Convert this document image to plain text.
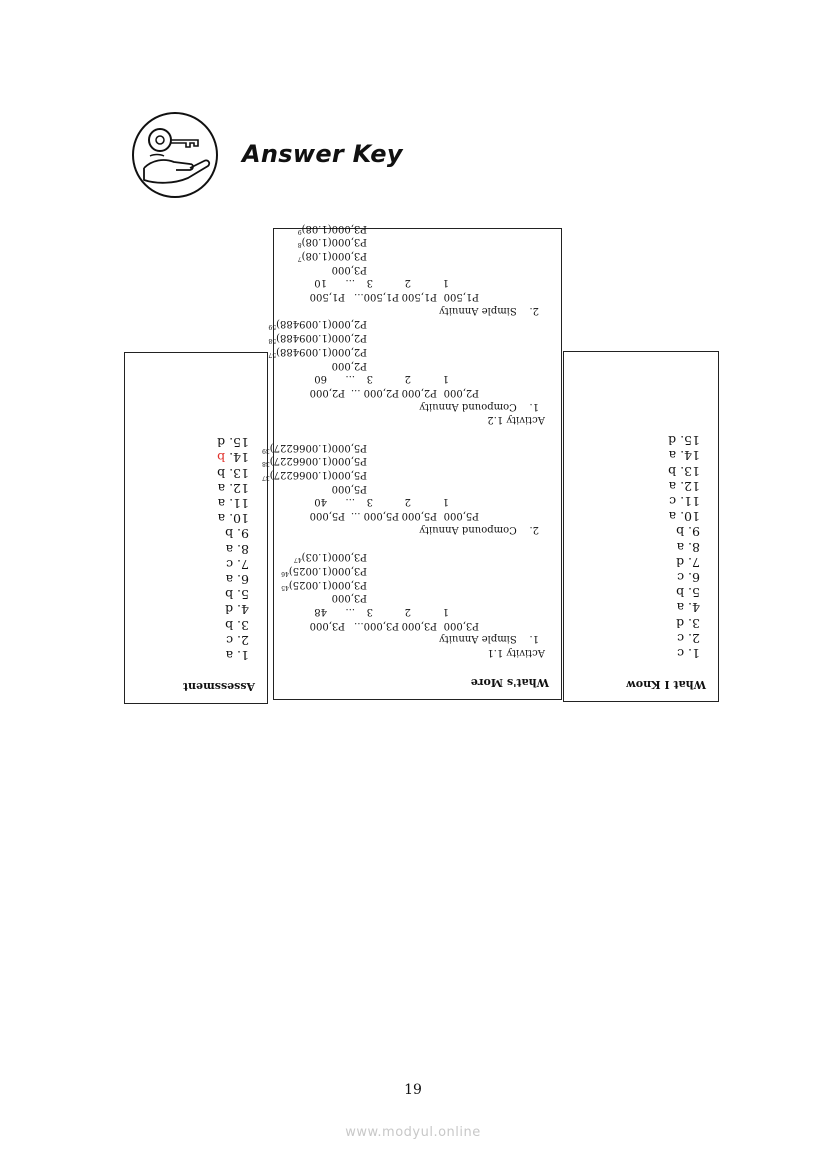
Answer Key
Assessment
1. a
2. c
3. b
4. d
5. b
6. a
7. c
8. a
9. b
10. a
11. a
12. a
13. b
14. b
15. d
What's More
Activity 1.1
1.    Simple Annuity
P3,000
P3,000
P3,000...
P3,000
1
2
3
...
48
P3,000
$P3,000(1.0025)^{45}$
$P3,000(1.0025)^{46}$
$P3,000(1.03)^{47}$
2.    Compound Annuity
P5,000
P5,000
P5,000 ...
P5,000
1
2
3
...
40
P5,000
$P5,000(1.0066227)^{37}$
$P5,000(1.0066227)^{38}$
$P5,000(1.0066227)^{39}$
Activity 1.2
1.    Compound Annuity
P2,000
P2,000
P2,000 ...
P2,000
1
2
3
...
60
P2,000
$P2,000(1.009488)^{57}$
$P2,000(1.009488)^{58}$
$P2,000(1.009488)^{59}$
2.    Simple Annuity
P1,500
P1,500
P1,500...
P1,500
1
2
3
...
10
P3,000
$P3,000(1.08)^7$
$P3,000(1.08)^8$
$P3,000(1.08)^9$
What I Know
1. c
2. c
3. d
4. a
5. b
6. c
7. d
8. a
9. b
10. a
11. c
12. a
13. b
14. a
15. d
19
www.modyul.online
